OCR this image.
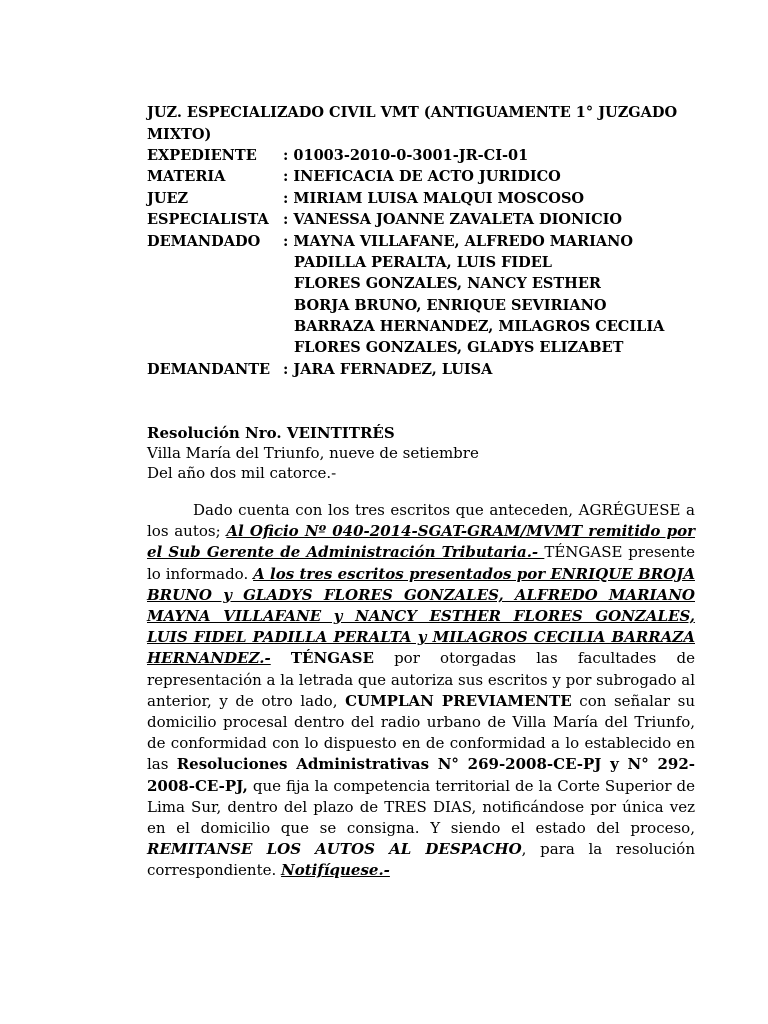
JUZ. ESPECIALIZADO CIVIL VMT (ANTIGUAMENTE 1° JUZGADO MIXTO)
EXPEDIENTE : 01003-2010-0-3001-JR-CI-01
MATERIA	: INEFICACIA DE ACTO JURIDICO
JUEZ	: MIRIAM LUISA MALQUI MOSCOSO
ESPECIALISTA : VANESSA JOANNE ZAVALETA DIONICIO
DEMANDADO : MAYNA VILLAFANE, ALFREDO MARIANO
PADILLA PERALTA, LUIS FIDEL
FLORES GONZALES, NANCY ESTHER
BORJA BRUNO, ENRIQUE SEVIRIANO
BARRAZA HERNANDEZ, MILAGROS CECILIA
FLORES GONZALES, GLADYS ELIZABET
DEMANDANTE : JARA FERNADEZ, LUISA
Resolución Nro. VEINTITRÉS
Villa María del Triunfo, nueve de setiembre
Del año dos mil catorce.-
Dado cuenta con los tres escritos que anteceden, AGRÉGUESE a los autos; Al Oficio Nº 040-2014-SGAT-GRAM/MVMT remitido por el Sub Gerente de Administración Tributaria.- TÉNGASE presente lo informado. A los tres escritos presentados por ENRIQUE BROJA BRUNO y GLADYS FLORES GONZALES, ALFREDO MARIANO MAYNA VILLAFANE y NANCY ESTHER FLORES GONZALES, LUIS FIDEL PADILLA PERALTA y MILAGROS CECILIA BARRAZA HERNANDEZ.- TÉNGASE por otorgadas las facultades de representación a la letrada que autoriza sus escritos y por subrogado al anterior, y de otro lado, CUMPLAN PREVIAMENTE con señalar su domicilio procesal dentro del radio urbano de Villa María del Triunfo, de conformidad con lo dispuesto en de conformidad a lo establecido en las Resoluciones Administrativas N° 269-2008-CE-PJ y N° 292-2008-CE-PJ, que fija la competencia territorial de la Corte Superior de Lima Sur, dentro del plazo de TRES DIAS, notificándose por única vez en el domicilio que se consigna. Y siendo el estado del proceso, REMITANSE LOS AUTOS AL DESPACHO, para la resolución correspondiente. Notifíquese.-
